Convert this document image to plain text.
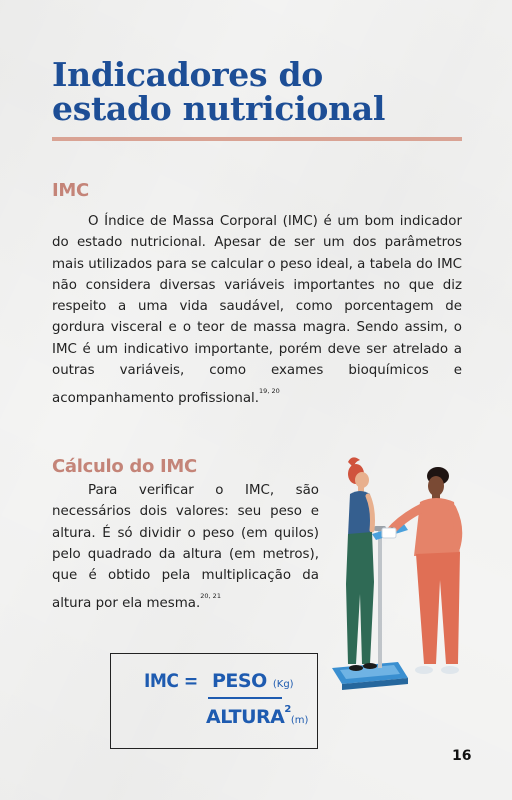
Indicadores do
estado nutricional
IMC

O Índice de Massa Corporal (IMC) é um bom indicador do estado nutricional. Apesar de ser um dos parâmetros mais utilizados para se calcular o peso ideal, a tabela do IMC não considera diversas variáveis importantes no que diz respeito a uma vida saudável, como porcentagem de gordura visceral e o teor de massa magra. Sendo assim, o IMC é um indicativo importante, porém deve ser atrelado a outras variáveis, como exames bioquímicos e acompanhamento profissional.$^{19, 20}$

Cálculo do IMC

Para verificar o IMC, são necessários dois valores: seu peso e altura. É só dividir o peso (em quilos) pelo quadrado da altura (em metros), que é obtido pela multiplicação da altura por ela mesma.$^{20, 21}$

IMC = PESO (Kg)
ALTURA$^2$(m)
16
